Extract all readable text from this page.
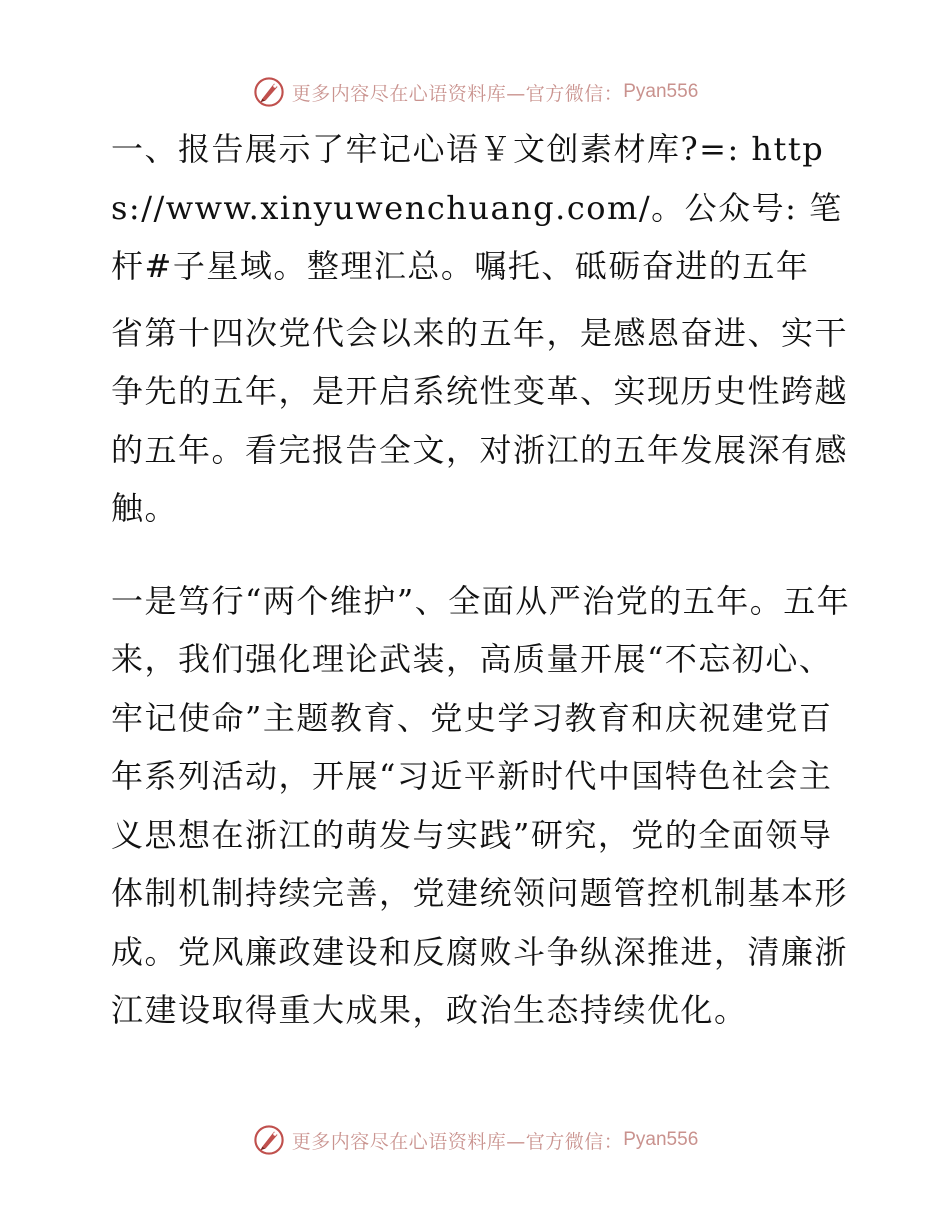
更多内容尽在心语资料库—官方微信： Pyan556

一、报告展示了牢记心语￥文创素材库?=: https://www.xinyuwenchuang.com/。公众号: 笔杆#子星域。整理汇总。嘱托、砥砺奋进的五年

省第十四次党代会以来的五年，是感恩奋进、实干争先的五年，是开启系统性变革、实现历史性跨越的五年。看完报告全文，对浙江的五年发展深有感触。

一是笃行“两个维护”、全面从严治党的五年。五年来，我们强化理论武装，高质量开展“不忘初心、牢记使命”主题教育、党史学习教育和庆祝建党百年系列活动，开展“习近平新时代中国特色社会主义思想在浙江的萌发与实践”研究，党的全面领导体制机制持续完善，党建统领问题管控机制基本形成。党风廉政建设和反腐败斗争纵深推进，清廉浙江建设取得重大成果，政治生态持续优化。

更多内容尽在心语资料库—官方微信： Pyan556
